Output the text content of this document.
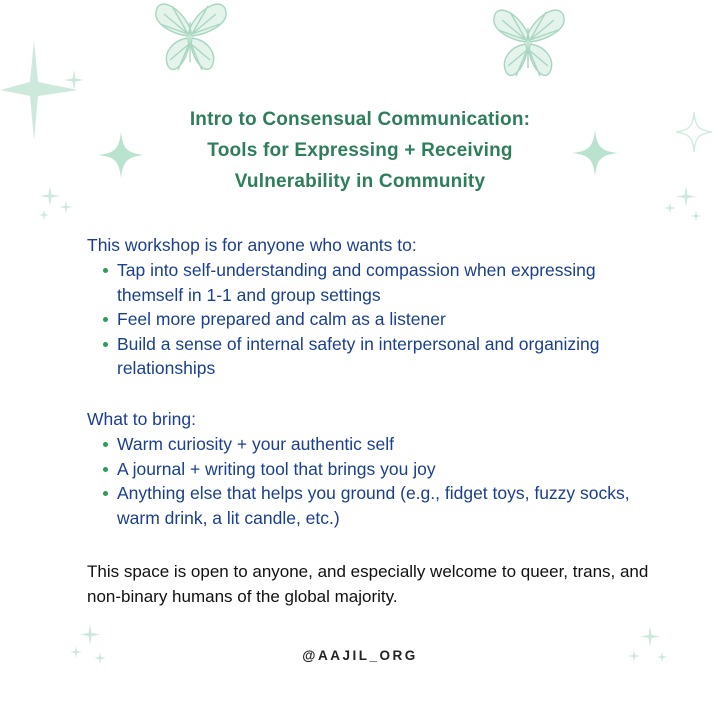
Intro to Consensual Communication:
Tools for Expressing + Receiving
Vulnerability in Community
This workshop is for anyone who wants to:
Tap into self-understanding and compassion when expressing themself in 1-1 and group settings
Feel more prepared and calm as a listener
Build a sense of internal safety in interpersonal and organizing relationships
What to bring:
Warm curiosity + your authentic self
A journal + writing tool that brings you joy
Anything else that helps you ground (e.g., fidget toys, fuzzy socks, warm drink, a lit candle, etc.)
This space is open to anyone, and especially welcome to queer, trans, and non-binary humans of the global majority.
@AAJIL_ORG
